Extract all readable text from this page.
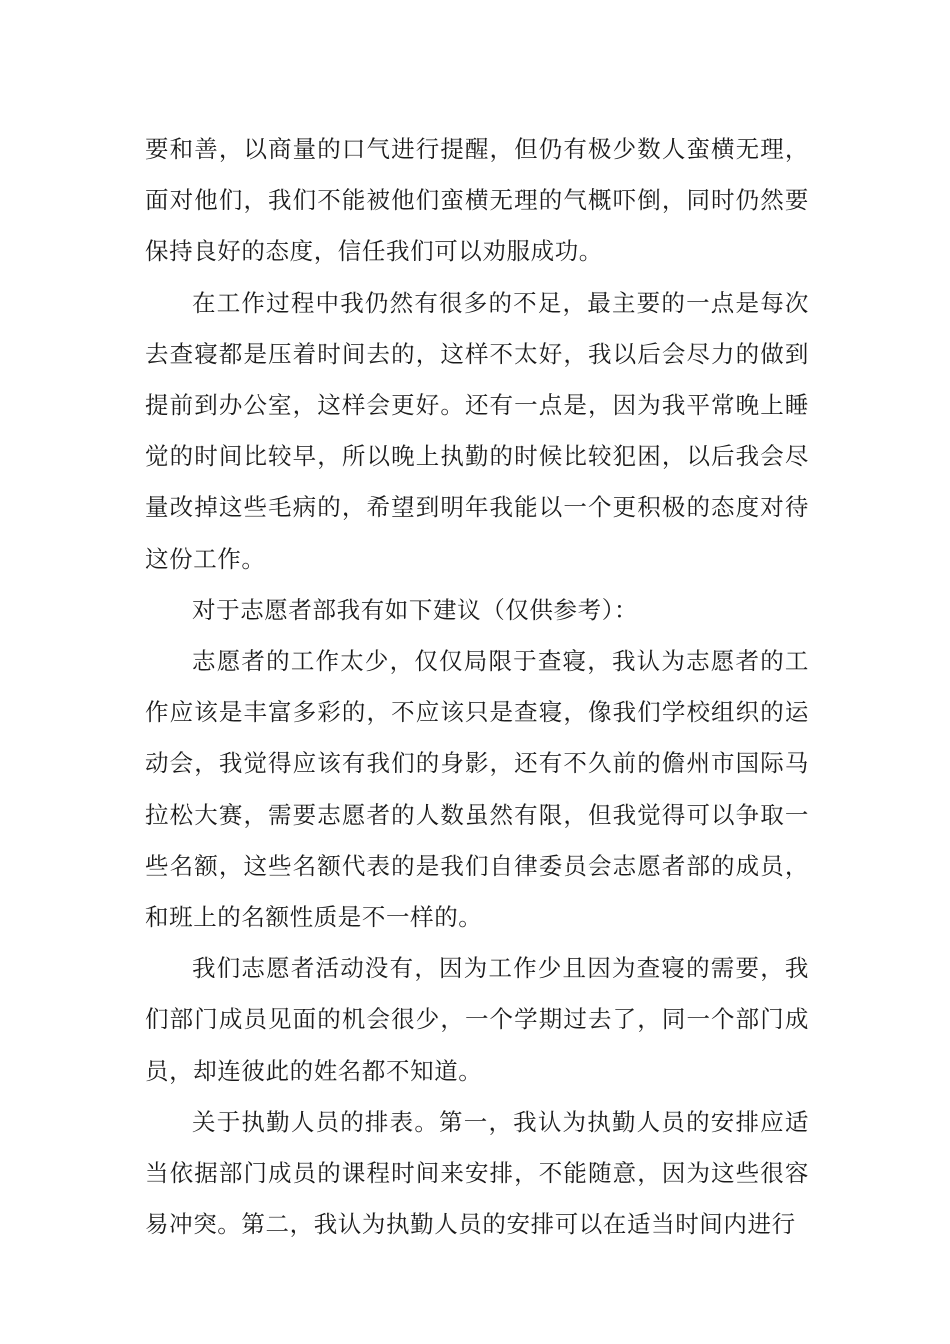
要和善，以商量的口气进行提醒，但仍有极少数人蛮横无理，面对他们，我们不能被他们蛮横无理的气概吓倒，同时仍然要保持良好的态度，信任我们可以劝服成功。

在工作过程中我仍然有很多的不足，最主要的一点是每次去查寝都是压着时间去的，这样不太好，我以后会尽力的做到提前到办公室，这样会更好。还有一点是，因为我平常晚上睡觉的时间比较早，所以晚上执勤的时候比较犯困，以后我会尽量改掉这些毛病的，希望到明年我能以一个更积极的态度对待这份工作。

对于志愿者部我有如下建议（仅供参考）：

志愿者的工作太少，仅仅局限于查寝，我认为志愿者的工作应该是丰富多彩的，不应该只是查寝，像我们学校组织的运动会，我觉得应该有我们的身影，还有不久前的儋州市国际马拉松大赛，需要志愿者的人数虽然有限，但我觉得可以争取一些名额，这些名额代表的是我们自律委员会志愿者部的成员，和班上的名额性质是不一样的。

我们志愿者活动没有，因为工作少且因为查寝的需要，我们部门成员见面的机会很少，一个学期过去了，同一个部门成员，却连彼此的姓名都不知道。

关于执勤人员的排表。第一，我认为执勤人员的安排应适当依据部门成员的课程时间来安排，不能随意，因为这些很容易冲突。第二，我认为执勤人员的安排可以在适当时间内进行
